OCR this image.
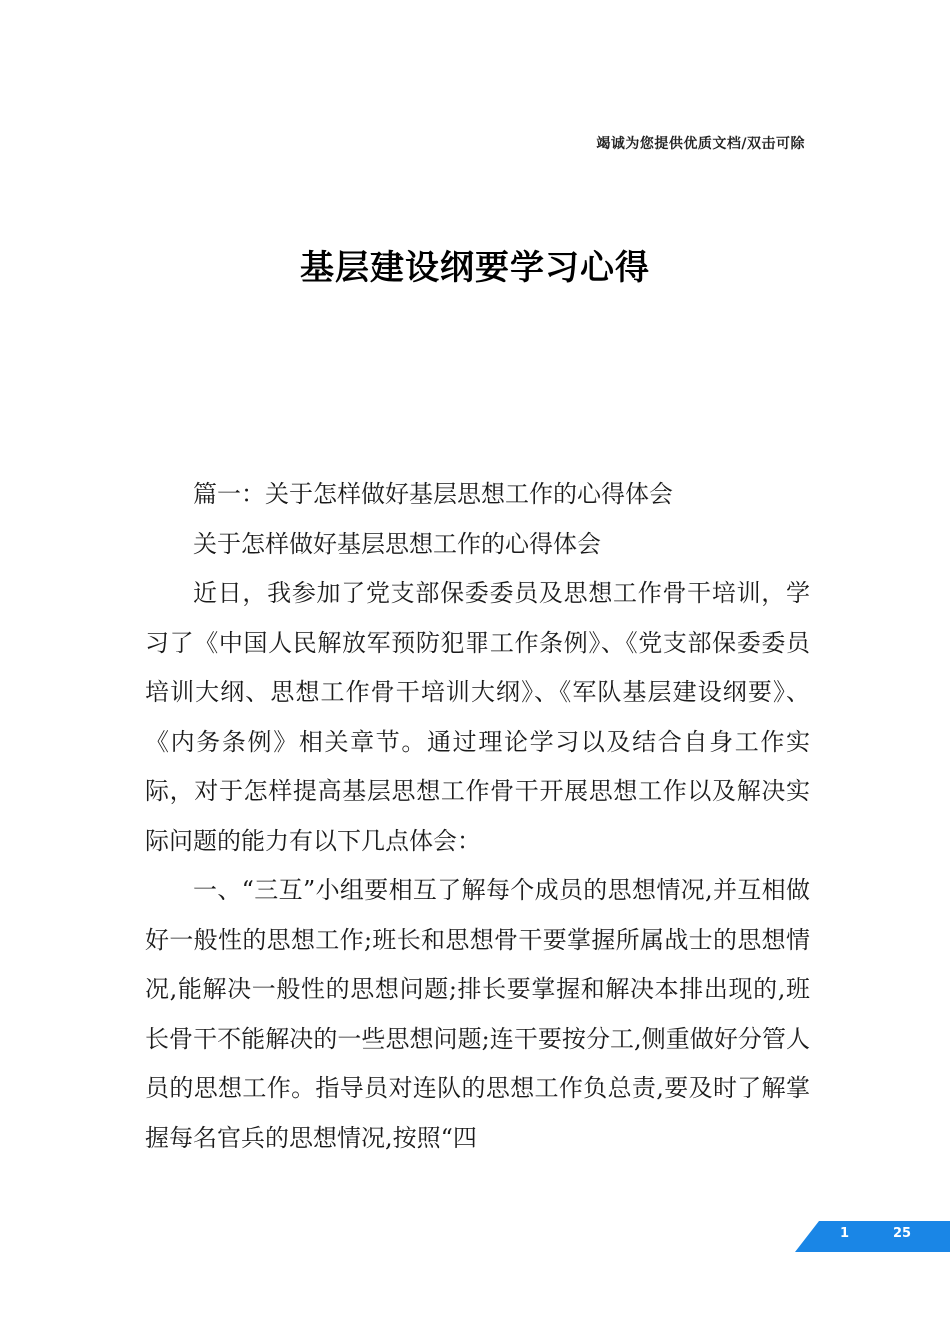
竭诚为您提供优质文档/双击可除
基层建设纲要学习心得

篇一：关于怎样做好基层思想工作的心得体会

关于怎样做好基层思想工作的心得体会

近日，我参加了党支部保委委员及思想工作骨干培训，学习了《中国人民解放军预防犯罪工作条例》、《党支部保委委员培训大纲、思想工作骨干培训大纲》、《军队基层建设纲要》、《内务条例》相关章节。通过理论学习以及结合自身工作实际，对于怎样提高基层思想工作骨干开展思想工作以及解决实际问题的能力有以下几点体会：

一、“三互”小组要相互了解每个成员的思想情况,并互相做好一般性的思想工作;班长和思想骨干要掌握所属战士的思想情况,能解决一般性的思想问题;排长要掌握和解决本排出现的,班长骨干不能解决的一些思想问题;连干要按分工,侧重做好分管人员的思想工作。指导员对连队的思想工作负总责,要及时了解掌握每名官兵的思想情况,按照“四

1	25
